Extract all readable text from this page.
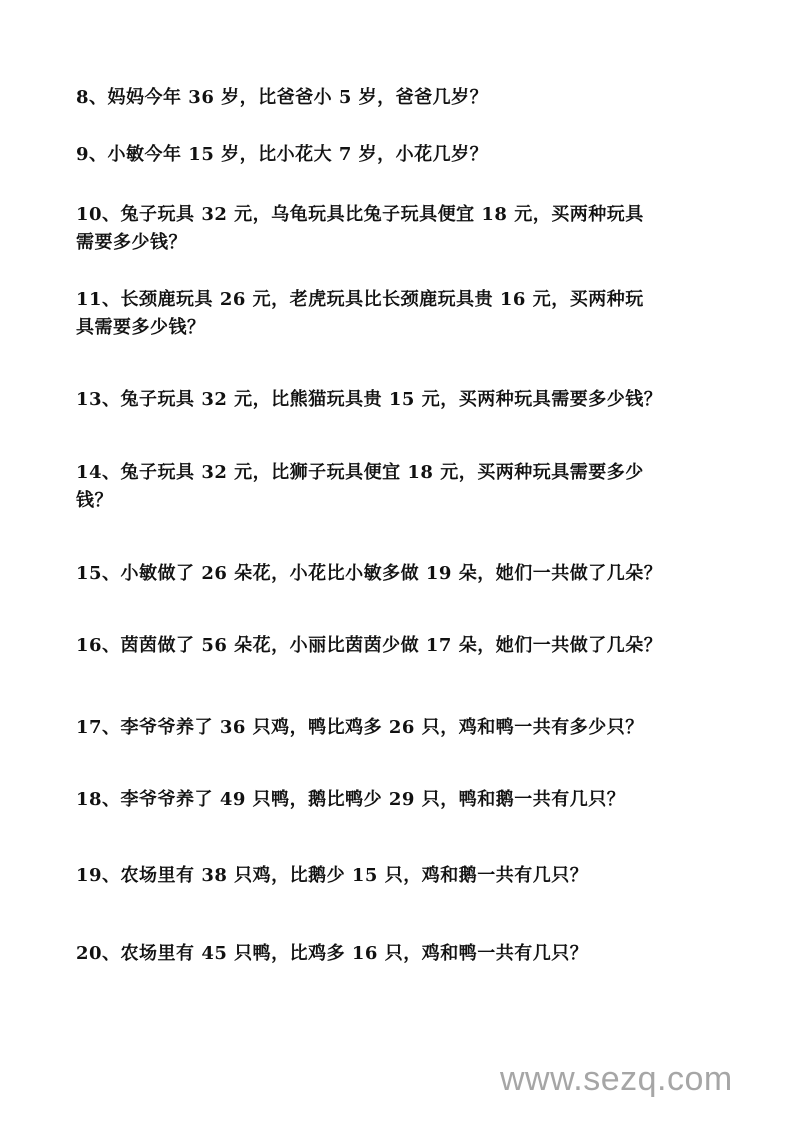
8、妈妈今年 36 岁，比爸爸小 5 岁，爸爸几岁？
9、小敏今年 15 岁，比小花大 7 岁，小花几岁？
10、兔子玩具 32 元，乌龟玩具比兔子玩具便宜 18 元，买两种玩具
需要多少钱？
11、长颈鹿玩具 26 元，老虎玩具比长颈鹿玩具贵 16 元，买两种玩
具需要多少钱？
13、兔子玩具 32 元，比熊猫玩具贵 15 元，买两种玩具需要多少钱？
14、兔子玩具 32 元，比狮子玩具便宜 18 元，买两种玩具需要多少
钱？
15、小敏做了 26 朵花，小花比小敏多做 19 朵，她们一共做了几朵？
16、茵茵做了 56 朵花，小丽比茵茵少做 17 朵，她们一共做了几朵？
17、李爷爷养了 36 只鸡，鸭比鸡多 26 只，鸡和鸭一共有多少只？
18、李爷爷养了 49 只鸭，鹅比鸭少 29 只，鸭和鹅一共有几只？
19、农场里有 38 只鸡，比鹅少 15 只，鸡和鹅一共有几只？
20、农场里有 45 只鸭，比鸡多 16 只，鸡和鸭一共有几只？
www.sezq.com
